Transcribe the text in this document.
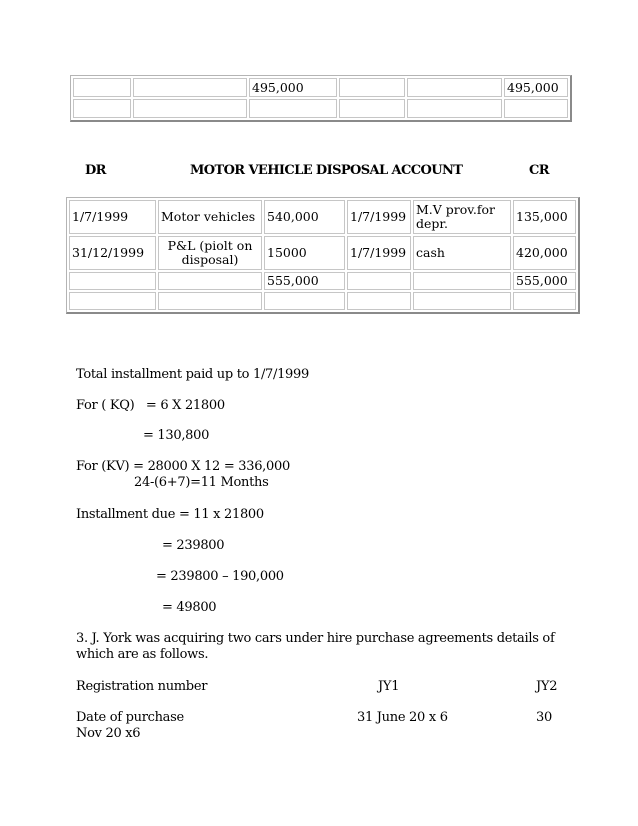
		495,000			495,000

DR	MOTOR VEHICLE DISPOSAL ACCOUNT	CR
1/7/1999	Motor vehicles	540,000	1/7/1999	M.V prov.for depr.	135,000
31/12/1999	P&L (piolt on disposal)	15000	1/7/1999	cash	420,000
		555,000			555,000

Total installment paid up to 1/7/1999
For ( KQ)   = 6 X 21800
= 130,800
For (KV) = 28000 X 12 = 336,000
24-(6+7)=11 Months
Installment due = 11 x 21800
= 239800
= 239800 – 190,000
= 49800
3. J. York was acquiring two cars under hire purchase agreements details of
which are as follows.
Registration number	JY1	JY2
Date of purchase	31 June 20 x 6	30
Nov 20 x6
